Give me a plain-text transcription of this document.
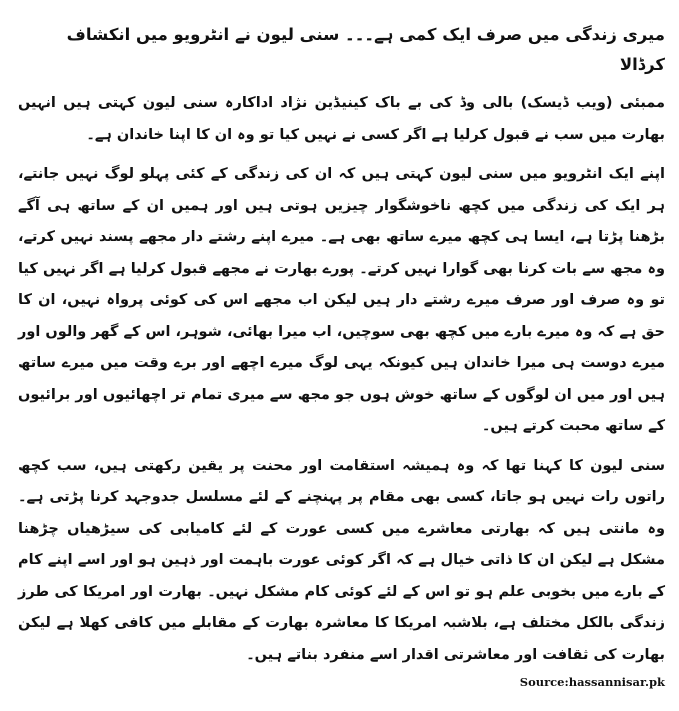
میری زندگی میں صرف ایک کمی ہے۔۔۔ سنی لیون نے انٹرویو میں انکشاف کرڈالا

ممبئی (ویب ڈیسک) بالی وڈ کی بے باک کینیڈین نژاد اداکارہ سنی لیون کہتی ہیں انہیں بھارت میں سب نے قبول کرلیا ہے اگر کسی نے نہیں کیا تو وہ ان کا اپنا خاندان ہے۔

اپنے ایک انٹرویو میں سنی لیون کہتی ہیں کہ ان کی زندگی کے کئی پہلو لوگ نہیں جانتے، ہر ایک کی زندگی میں کچھ ناخوشگوار چیزیں ہوتی ہیں اور ہمیں ان کے ساتھ ہی آگے بڑھنا پڑتا ہے، ایسا ہی کچھ میرے ساتھ بھی ہے۔ میرے اپنے رشتے دار مجھے پسند نہیں کرتے، وہ مجھ سے بات کرنا بھی گوارا نہیں کرتے۔ پورے بھارت نے مجھے قبول کرلیا ہے اگر نہیں کیا تو وہ صرف اور صرف میرے رشتے دار ہیں لیکن اب مجھے اس کی کوئی پرواہ نہیں، ان کا حق ہے کہ وہ میرے بارے میں کچھ بھی سوچیں، اب میرا بھائی، شوہر، اس کے گھر والوں اور میرے دوست ہی میرا خاندان ہیں کیونکہ یہی لوگ میرے اچھے اور برے وقت میں میرے ساتھ ہیں اور میں ان لوگوں کے ساتھ خوش ہوں جو مجھ سے میری تمام تر اچھائیوں اور برائیوں کے ساتھ محبت کرتے ہیں۔

سنی لیون کا کہنا تھا کہ وہ ہمیشہ استقامت اور محنت پر یقین رکھتی ہیں، سب کچھ راتوں رات نہیں ہو جاتا، کسی بھی مقام پر پہنچنے کے لئے مسلسل جدوجہد کرنا پڑتی ہے۔ وہ مانتی ہیں کہ بھارتی معاشرے میں کسی عورت کے لئے کامیابی کی سیڑھیاں چڑھنا مشکل ہے لیکن ان کا ذاتی خیال ہے کہ اگر کوئی عورت باہمت اور ذہین ہو اور اسے اپنے کام کے بارے میں بخوبی علم ہو تو اس کے لئے کوئی کام مشکل نہیں۔ بھارت اور امریکا کی طرز زندگی بالکل مختلف ہے، بلاشبہ امریکا کا معاشرہ بھارت کے مقابلے میں کافی کھلا ہے لیکن بھارت کی ثقافت اور معاشرتی اقدار اسے منفرد بناتے ہیں۔

Source:hassannisar.pk
